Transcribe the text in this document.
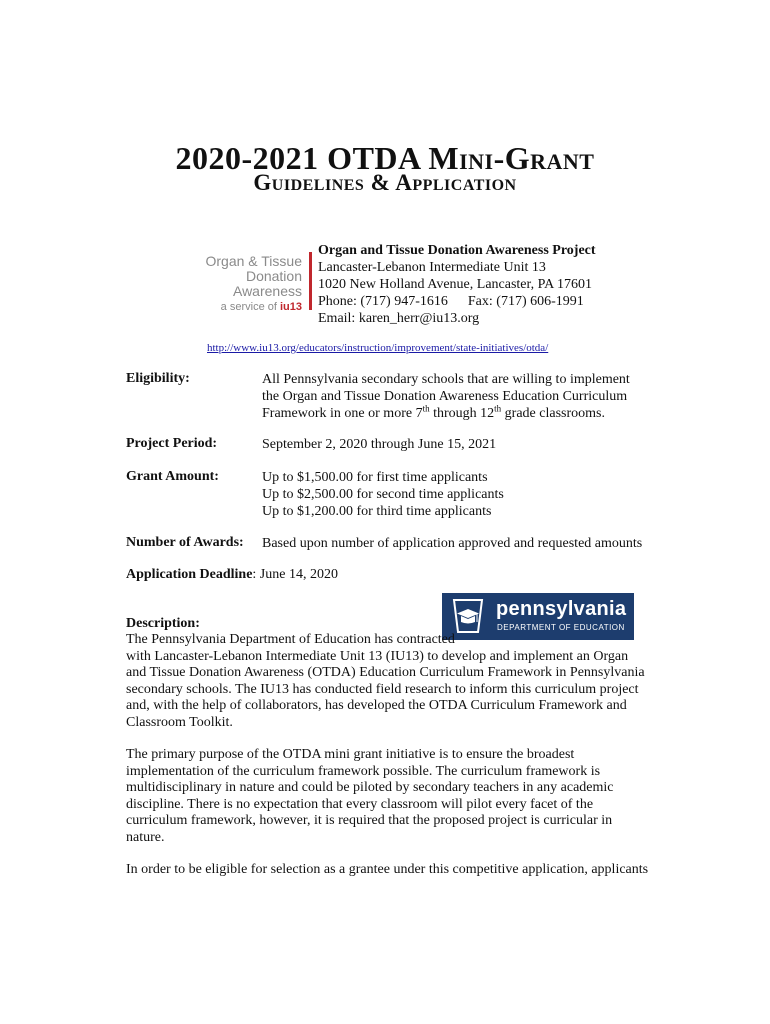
2020-2021 OTDA Mini-Grant
Guidelines & Application
Organ & Tissue
Donation
Awareness
a service of iu13
Organ and Tissue Donation Awareness Project
Lancaster-Lebanon Intermediate Unit 13
1020 New Holland Avenue, Lancaster, PA 17601
Phone: (717) 947-1616 Fax: (717) 606-1991
Email: karen_herr@iu13.org
http://www.iu13.org/educators/instruction/improvement/state-initiatives/otda/
Eligibility:	All Pennsylvania secondary schools that are willing to implement
the Organ and Tissue Donation Awareness Education Curriculum
Framework in one or more 7th through 12th grade classrooms.
Project Period:	September 2, 2020 through June 15, 2021
Grant Amount:	Up to $1,500.00 for first time applicants
Up to $2,500.00 for second time applicants
Up to $1,200.00 for third time applicants
Number of Awards: Based upon number of application approved and requested amounts
Application Deadline: June 14, 2020
pennsylvania
DEPARTMENT OF EDUCATION
Description:
The Pennsylvania Department of Education has contracted
with Lancaster-Lebanon Intermediate Unit 13 (IU13) to develop and implement an Organ
and Tissue Donation Awareness (OTDA) Education Curriculum Framework in Pennsylvania
secondary schools. The IU13 has conducted field research to inform this curriculum project
and, with the help of collaborators, has developed the OTDA Curriculum Framework and
Classroom Toolkit.
The primary purpose of the OTDA mini grant initiative is to ensure the broadest
implementation of the curriculum framework possible. The curriculum framework is
multidisciplinary in nature and could be piloted by secondary teachers in any academic
discipline. There is no expectation that every classroom will pilot every facet of the
curriculum framework, however, it is required that the proposed project is curricular in
nature.
In order to be eligible for selection as a grantee under this competitive application, applicants
